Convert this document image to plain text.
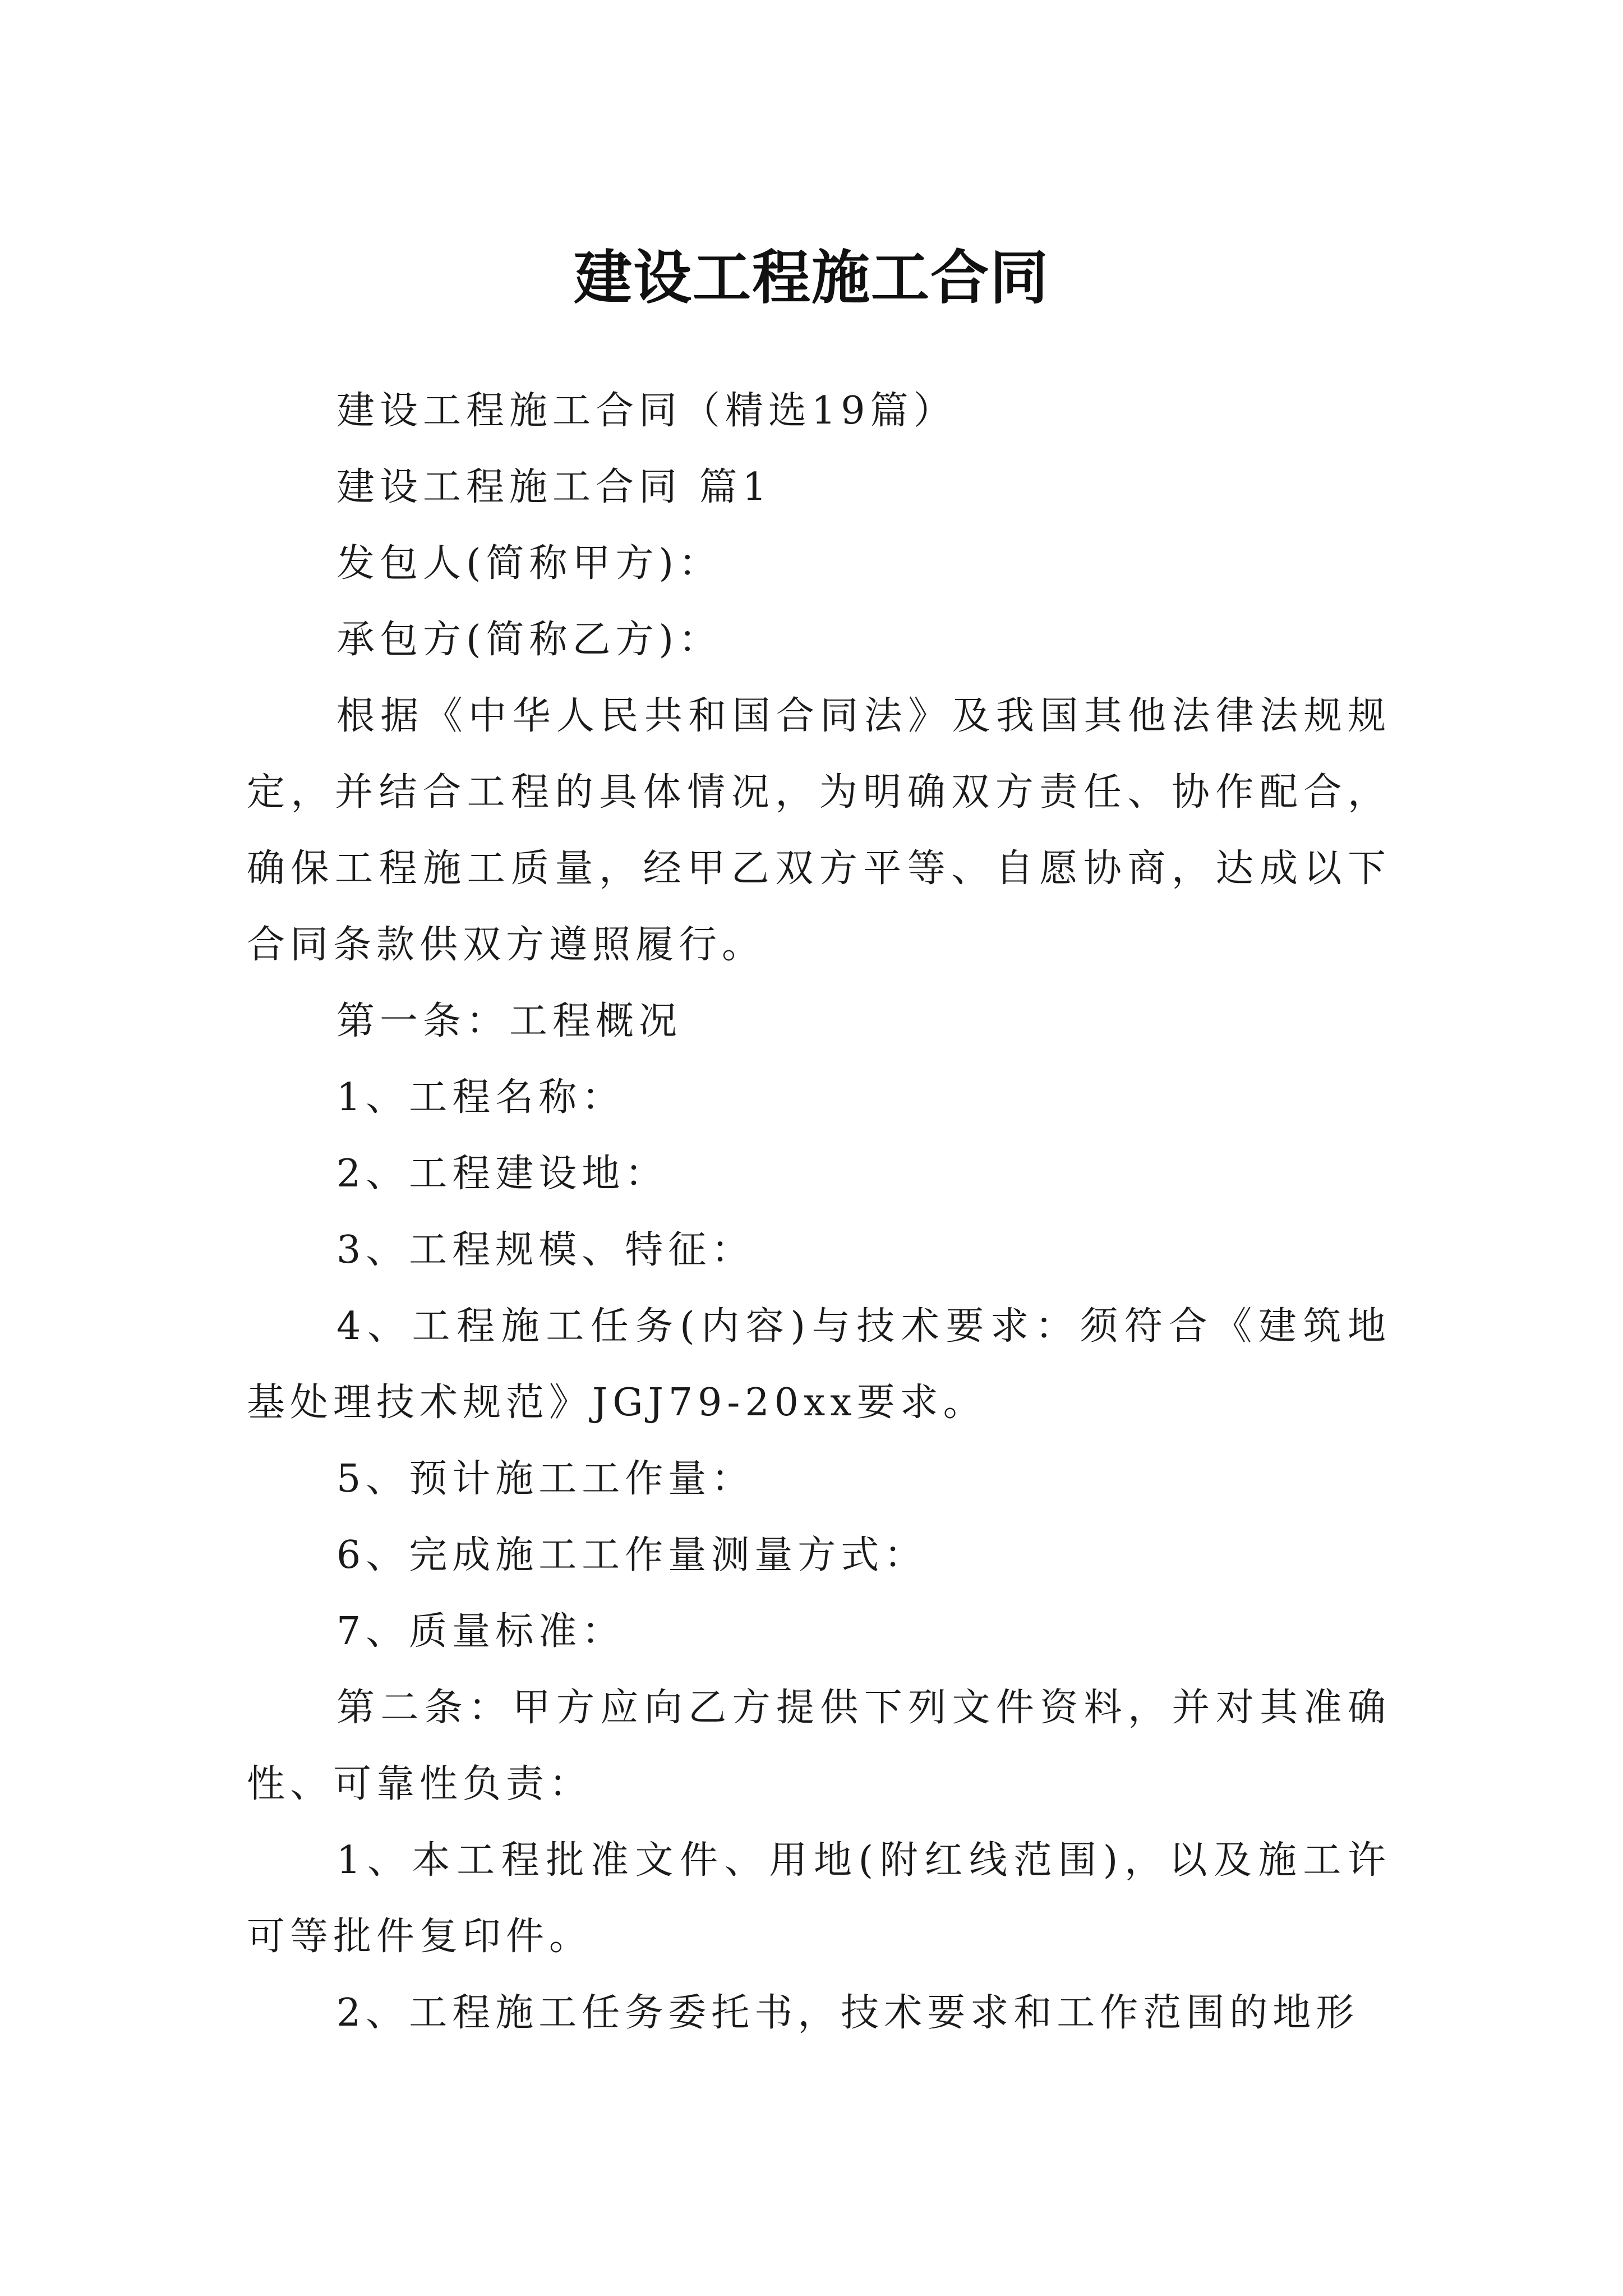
建设工程施工合同

建设工程施工合同（精选19篇）

建设工程施工合同 篇1

发包人(简称甲方)：

承包方(简称乙方)：

根据《中华人民共和国合同法》及我国其他法律法规规定，并结合工程的具体情况，为明确双方责任、协作配合，确保工程施工质量，经甲乙双方平等、自愿协商，达成以下合同条款供双方遵照履行。

第一条：工程概况

1、工程名称：

2、工程建设地：

3、工程规模、特征：

4、工程施工任务(内容)与技术要求：须符合《建筑地基处理技术规范》JGJ79-20xx要求。

5、预计施工工作量：

6、完成施工工作量测量方式：

7、质量标准：

第二条：甲方应向乙方提供下列文件资料，并对其准确性、可靠性负责：

1、本工程批准文件、用地(附红线范围)，以及施工许可等批件复印件。

2、工程施工任务委托书，技术要求和工作范围的地形
